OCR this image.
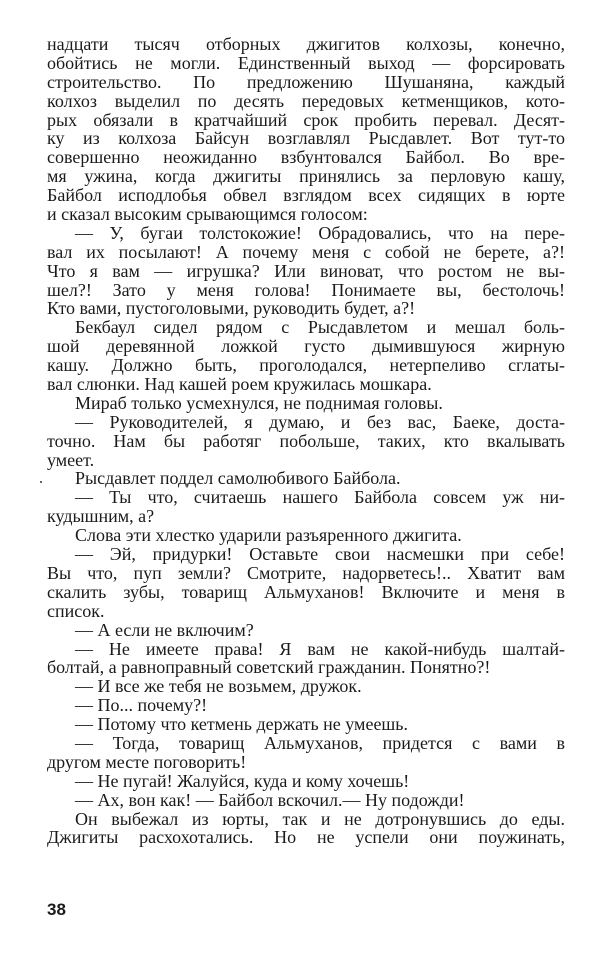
надцати тысяч отборных джигитов колхозы, конечно,
обойтись не могли. Единственный выход — форсировать
строительство. По предложению Шушаняна, каждый
колхоз выделил по десять передовых кетменщиков, кото-
рых обязали в кратчайший срок пробить перевал. Десят-
ку из колхоза Байсун возглавлял Рысдавлет. Вот тут-то
совершенно неожиданно взбунтовался Байбол. Во вре-
мя ужина, когда джигиты принялись за перловую кашу,
Байбол исподлобья обвел взглядом всех сидящих в юрте
и сказал высоким срывающимся голосом:
— У, бугаи толстокожие! Обрадовались, что на пере-
вал их посылают! А почему меня с собой не берете, а?!
Что я вам — игрушка? Или виноват, что ростом не вы-
шел?! Зато у меня голова! Понимаете вы, бестолочь!
Кто вами, пустоголовыми, руководить будет, а?!
Бекбаул сидел рядом с Рысдавлетом и мешал боль-
шой деревянной ложкой густо дымившуюся жирную
кашу. Должно быть, проголодался, нетерпеливо сглаты-
вал слюнки. Над кашей роем кружилась мошкара.
Мираб только усмехнулся, не поднимая головы.
— Руководителей, я думаю, и без вас, Баеке, доста-
точно. Нам бы работяг побольше, таких, кто вкалывать
умеет.
Рысдавлет поддел самолюбивого Байбола.
— Ты что, считаешь нашего Байбола совсем уж ни-
кудышним, а?
Слова эти хлестко ударили разъяренного джигита.
— Эй, придурки! Оставьте свои насмешки при себе!
Вы что, пуп земли? Смотрите, надорветесь!.. Хватит вам
скалить зубы, товарищ Альмуханов! Включите и меня в
список.
— А если не включим?
— Не имеете права! Я вам не какой-нибудь шалтай-
болтай, а равноправный советский гражданин. Понятно?!
— И все же тебя не возьмем, дружок.
— По... почему?!
— Потому что кетмень держать не умеешь.
— Тогда, товарищ Альмуханов, придется с вами в
другом месте поговорить!
— Не пугай! Жалуйся, куда и кому хочешь!
— Ах, вон как! — Байбол вскочил.— Ну подожди!
Он выбежал из юрты, так и не дотронувшись до еды.
Джигиты расхохотались. Но не успели они поужинать,
38
